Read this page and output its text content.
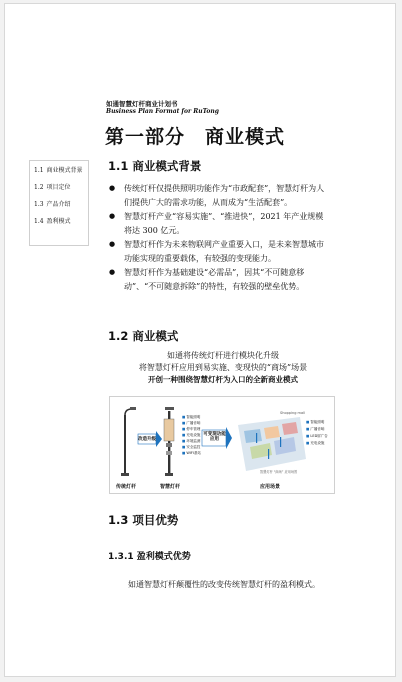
如通智慧灯杆商业计划书
Business Plan Format for RuTong
第一部分　商业模式
1.1 商业模式背景
1.2 项目定位
1.3 产品介绍
1.4 盈利模式
1.1 商业模式背景
● 传统灯杆仅提供照明功能作为“市政配套”，智慧灯杆为人们提供广大的需求功能，从而成为“生活配套”。
● 智慧灯杆产业“容易实施”、“推进快”，2021 年产业规模将达 300 亿元。
● 智慧灯杆作为未来物联网产业重要入口，是未来智慧城市功能实现的重要载体，有较强的变现能力。
● 智慧灯杆作为基础建设“必需品”，因其“不可随意移动”、“不可随意拆除”的特性，有较强的壁垒优势。
1.2 商业模式
如通将传统灯杆进行模块化升级
将智慧灯杆应用到易实施、变现快的“商场”场景
开创一种围绕智慧灯杆为入口的全新商业模式
改造升级
可变现功能应用
■ 智能照明
■ 广播音响
■ 停车管理
■ 充电设施
■ 环境监测
■ 安全监控
■ WIFI基站
■ 智能照明
■ 广播音响
■ LED屏广告
■ 充电设施
Shopping mall
智慧灯杆 “商场” 应用场景
传统灯杆	智慧灯杆	应用场景
1.3 项目优势
1.3.1 盈利模式优势
如通智慧灯杆颠覆性的改变传统智慧灯杆的盈利模式。
